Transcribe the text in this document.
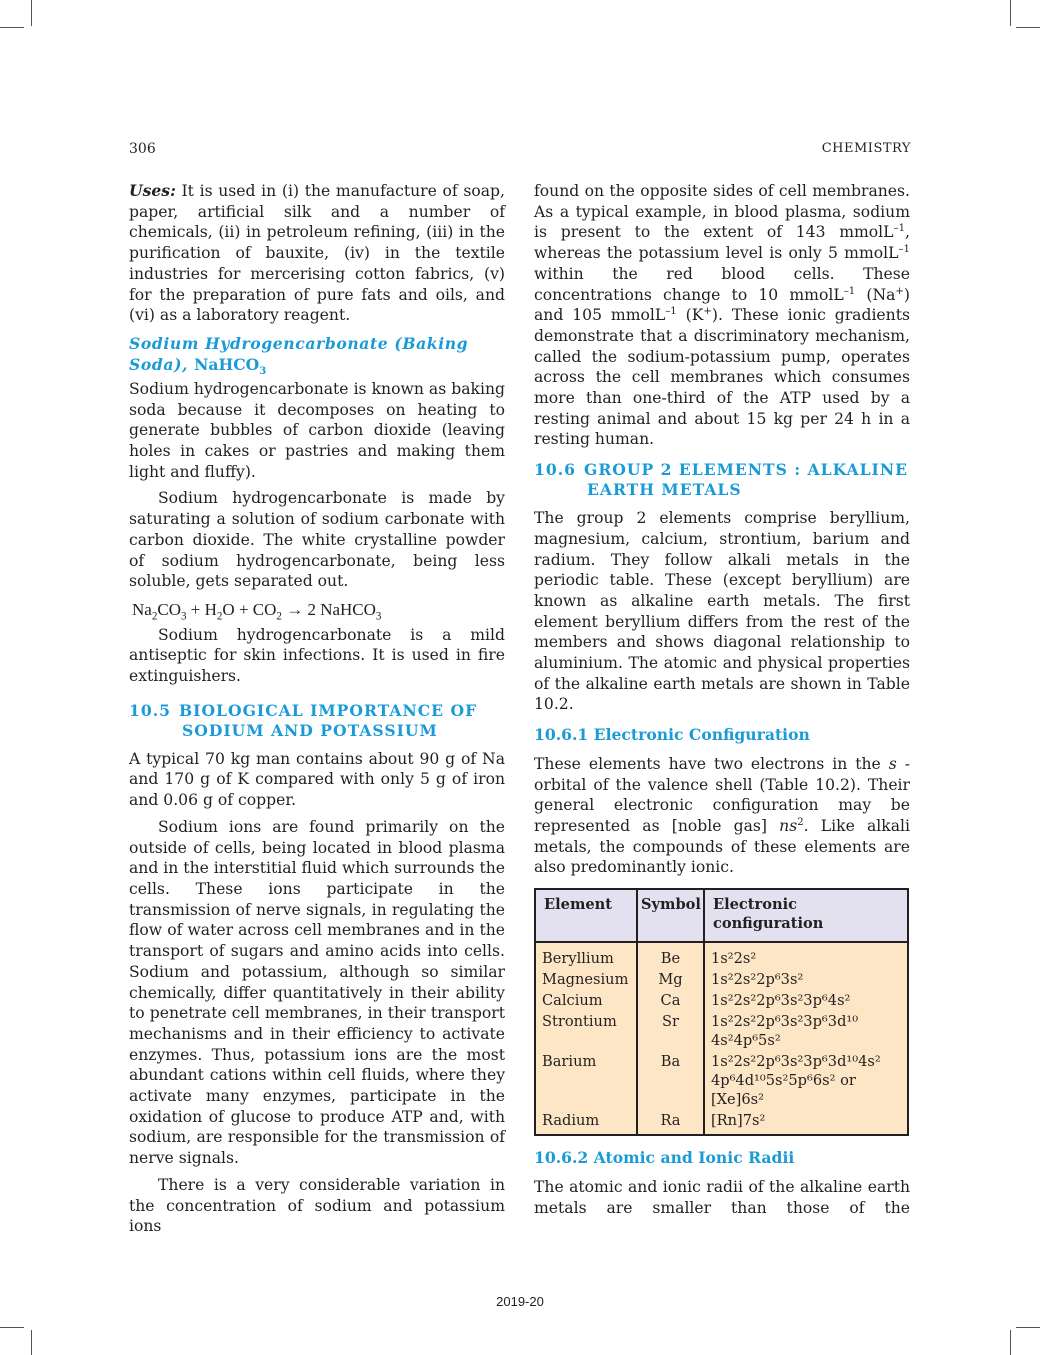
306	CHEMISTRY

Uses: It is used in (i) the manufacture of soap, paper, artificial silk and a number of chemicals, (ii) in petroleum refining, (iii) in the purification of bauxite, (iv) in the textile industries for mercerising cotton fabrics, (v) for the preparation of pure fats and oils, and (vi) as a laboratory reagent.

Sodium Hydrogencarbonate (Baking Soda), NaHCO$_3$

Sodium hydrogencarbonate is known as baking soda because it decomposes on heating to generate bubbles of carbon dioxide (leaving holes in cakes or pastries and making them light and fluffy).

Sodium hydrogencarbonate is made by saturating a solution of sodium carbonate with carbon dioxide. The white crystalline powder of sodium hydrogencarbonate, being less soluble, gets separated out.

$Na_2CO_3 + H_2O + CO_2 \to 2$ NaHCO$_3$

Sodium hydrogencarbonate is a mild antiseptic for skin infections. It is used in fire extinguishers.

10.5 BIOLOGICAL IMPORTANCE OF
SODIUM AND POTASSIUM

A typical 70 kg man contains about 90 g of Na and 170 g of K compared with only 5 g of iron and 0.06 g of copper.

Sodium ions are found primarily on the outside of cells, being located in blood plasma and in the interstitial fluid which surrounds the cells. These ions participate in the transmission of nerve signals, in regulating the flow of water across cell membranes and in the transport of sugars and amino acids into cells. Sodium and potassium, although so similar chemically, differ quantitatively in their ability to penetrate cell membranes, in their transport mechanisms and in their efficiency to activate enzymes. Thus, potassium ions are the most abundant cations within cell fluids, where they activate many enzymes, participate in the oxidation of glucose to produce ATP and, with sodium, are responsible for the transmission of nerve signals.

There is a very considerable variation in the concentration of sodium and potassium ions

found on the opposite sides of cell membranes. As a typical example, in blood plasma, sodium is present to the extent of 143 mmolL$^{-1}$, whereas the potassium level is only 5 mmolL$^{-1}$ within the red blood cells. These concentrations change to 10 mmolL$^{-1}$ (Na+) and 105 mmolL$^{-1}$ (K+). These ionic gradients demonstrate that a discriminatory mechanism, called the sodium-potassium pump, operates across the cell membranes which consumes more than one-third of the ATP used by a resting animal and about 15 kg per 24 h in a resting human.

10.6 GROUP 2 ELEMENTS : ALKALINE
EARTH METALS

The group 2 elements comprise beryllium, magnesium, calcium, strontium, barium and radium. They follow alkali metals in the periodic table. These (except beryllium) are known as alkaline earth metals. The first element beryllium differs from the rest of the members and shows diagonal relationship to aluminium. The atomic and physical properties of the alkaline earth metals are shown in Table 10.2.

10.6.1 Electronic Configuration

These elements have two electrons in the s -orbital of the valence shell (Table 10.2). Their general electronic configuration may be represented as [noble gas] $ns^2$. Like alkali metals, the compounds of these elements are also predominantly ionic.

Element	Symbol	Electronic configuration
Beryllium	Be	1s²2s²

Magnesium	Mg	1s²2s²2p⁶3s²

Calcium	Ca	1s²2s²2p⁶3s²3p⁶4s²

Strontium	Sr	1s²2s²2p⁶3s²3p⁶3d¹⁰
4s²4p⁶5s²

Barium	Ba	1s²2s²2p⁶3s²3p⁶3d¹⁰4s²
4p⁶4d¹⁰5s²5p⁶6s² or
[Xe]6s²

Radium	Ra	[Rn]7s²
10.6.2 Atomic and Ionic Radii

The atomic and ionic radii of the alkaline earth metals are smaller than those of the

2019-20
